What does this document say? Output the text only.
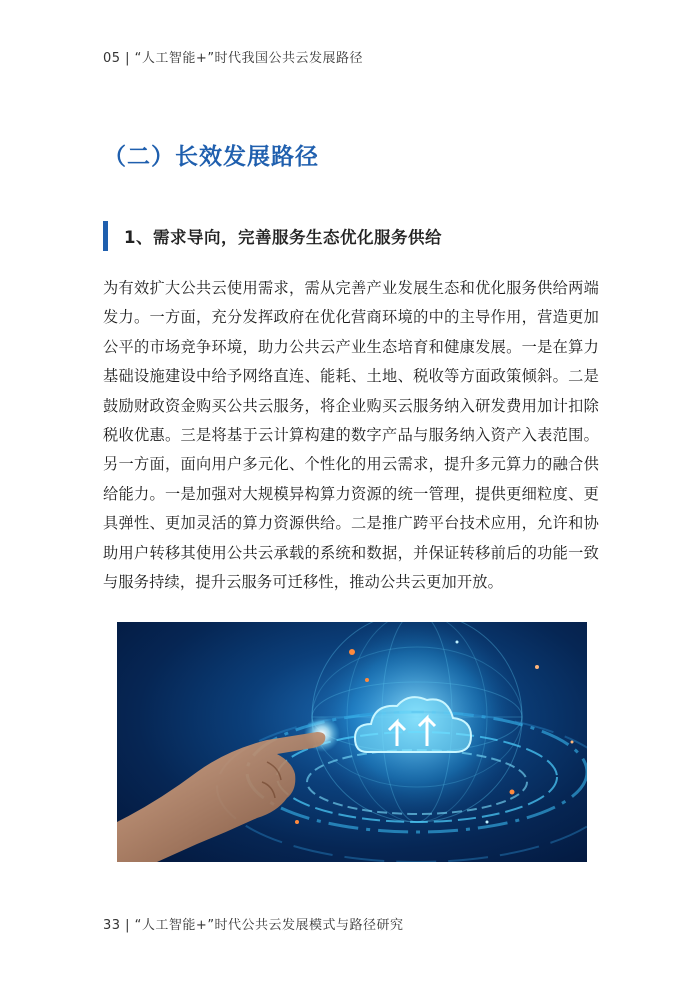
05 | “人工智能+”时代我国公共云发展路径
（二）长效发展路径
1、需求导向，完善服务生态优化服务供给
为有效扩大公共云使用需求，需从完善产业发展生态和优化服务供给两端发力。一方面，充分发挥政府在优化营商环境的中的主导作用，营造更加公平的市场竞争环境，助力公共云产业生态培育和健康发展。一是在算力基础设施建设中给予网络直连、能耗、土地、税收等方面政策倾斜。二是鼓励财政资金购买公共云服务，将企业购买云服务纳入研发费用加计扣除税收优惠。三是将基于云计算构建的数字产品与服务纳入资产入表范围。另一方面，面向用户多元化、个性化的用云需求，提升多元算力的融合供给能力。一是加强对大规模异构算力资源的统一管理，提供更细粒度、更具弹性、更加灵活的算力资源供给。二是推广跨平台技术应用，允许和协助用户转移其使用公共云承载的系统和数据，并保证转移前后的功能一致与服务持续，提升云服务可迁移性，推动公共云更加开放。
33 | “人工智能+”时代公共云发展模式与路径研究
